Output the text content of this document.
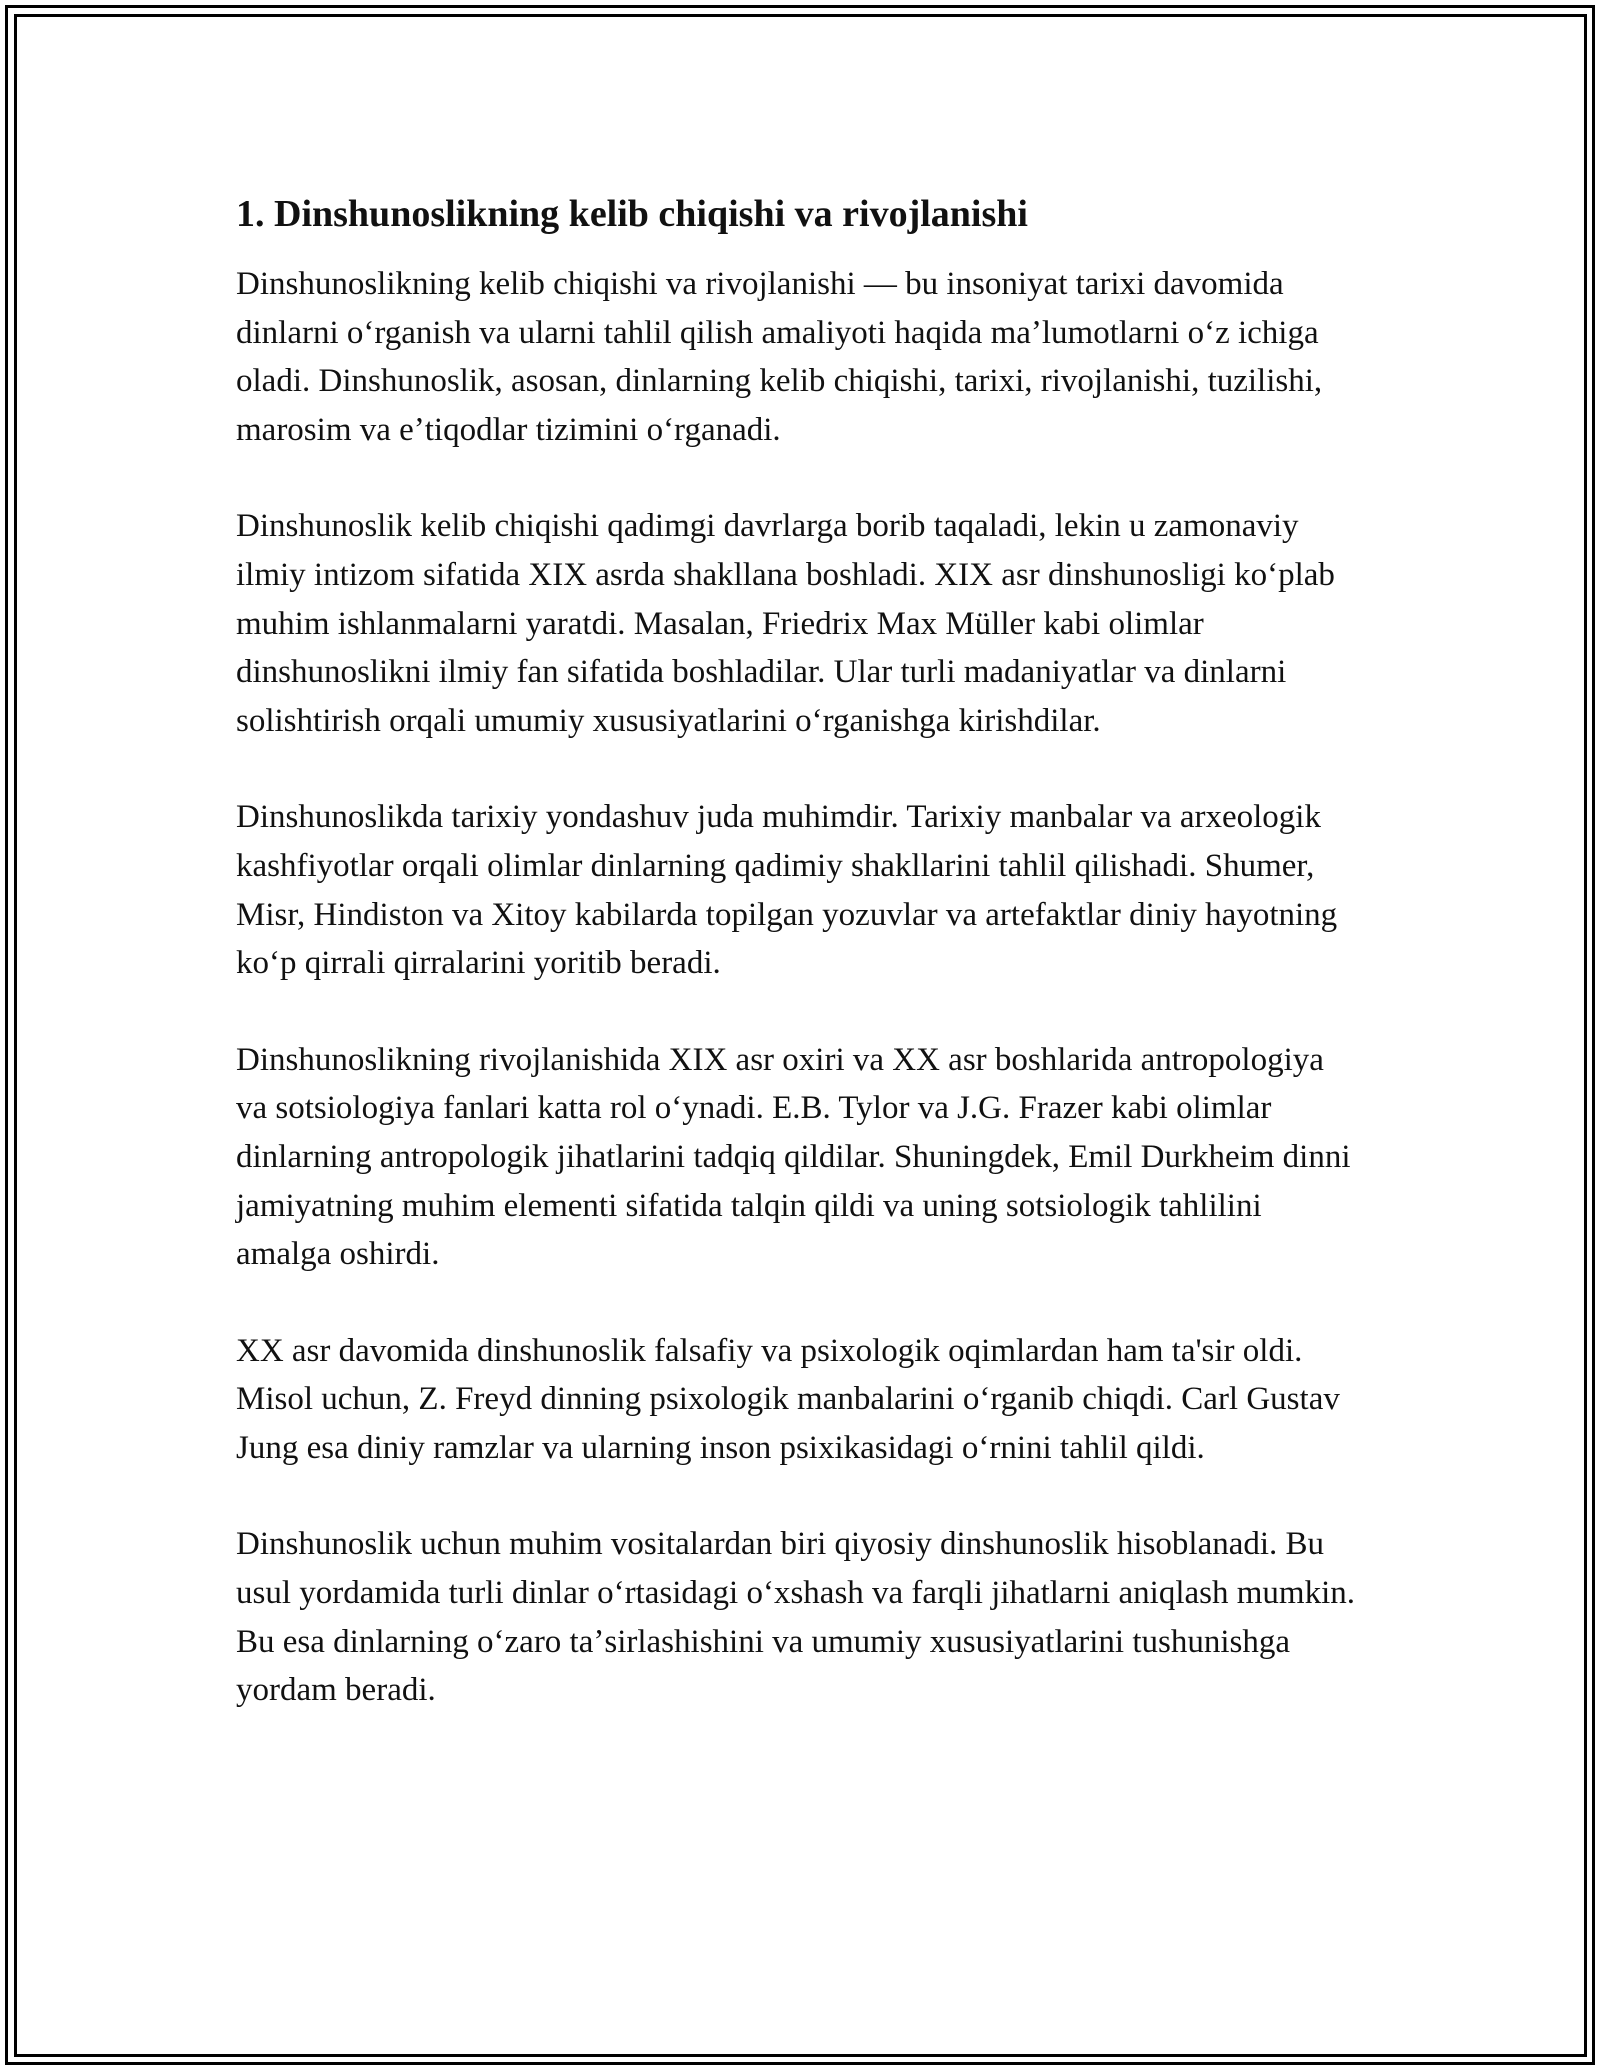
1. Dinshunoslikning kelib chiqishi va rivojlanishi

Dinshunoslikning kelib chiqishi va rivojlanishi — bu insoniyat tarixi davomida dinlarni oʻrganish va ularni tahlil qilish amaliyoti haqida maʼlumotlarni oʻz ichiga oladi. Dinshunoslik, asosan, dinlarning kelib chiqishi, tarixi, rivojlanishi, tuzilishi, marosim va eʼtiqodlar tizimini oʻrganadi.

Dinshunoslik kelib chiqishi qadimgi davrlarga borib taqaladi, lekin u zamonaviy ilmiy intizom sifatida XIX asrda shakllana boshladi. XIX asr dinshunosligi koʻplab muhim ishlanmalarni yaratdi. Masalan, Friedrix Max Müller kabi olimlar dinshunoslikni ilmiy fan sifatida boshladilar. Ular turli madaniyatlar va dinlarni solishtirish orqali umumiy xususiyatlarini oʻrganishga kirishdilar.

Dinshunoslikda tarixiy yondashuv juda muhimdir. Tarixiy manbalar va arxeologik kashfiyotlar orqali olimlar dinlarning qadimiy shakllarini tahlil qilishadi. Shumer, Misr, Hindiston va Xitoy kabilarda topilgan yozuvlar va artefaktlar diniy hayotning koʻp qirrali qirralarini yoritib beradi.

Dinshunoslikning rivojlanishida XIX asr oxiri va XX asr boshlarida antropologiya va sotsiologiya fanlari katta rol oʻynadi. E.B. Tylor va J.G. Frazer kabi olimlar dinlarning antropologik jihatlarini tadqiq qildilar. Shuningdek, Emil Durkheim dinni jamiyatning muhim elementi sifatida talqin qildi va uning sotsiologik tahlilini amalga oshirdi.

XX asr davomida dinshunoslik falsafiy va psixologik oqimlardan ham ta'sir oldi. Misol uchun, Z. Freyd dinning psixologik manbalarini oʻrganib chiqdi. Carl Gustav Jung esa diniy ramzlar va ularning inson psixikasidagi oʻrnini tahlil qildi.

Dinshunoslik uchun muhim vositalardan biri qiyosiy dinshunoslik hisoblanadi. Bu usul yordamida turli dinlar oʻrtasidagi oʻxshash va farqli jihatlarni aniqlash mumkin. Bu esa dinlarning oʻzaro taʼsirlashishini va umumiy xususiyatlarini tushunishga yordam beradi.
